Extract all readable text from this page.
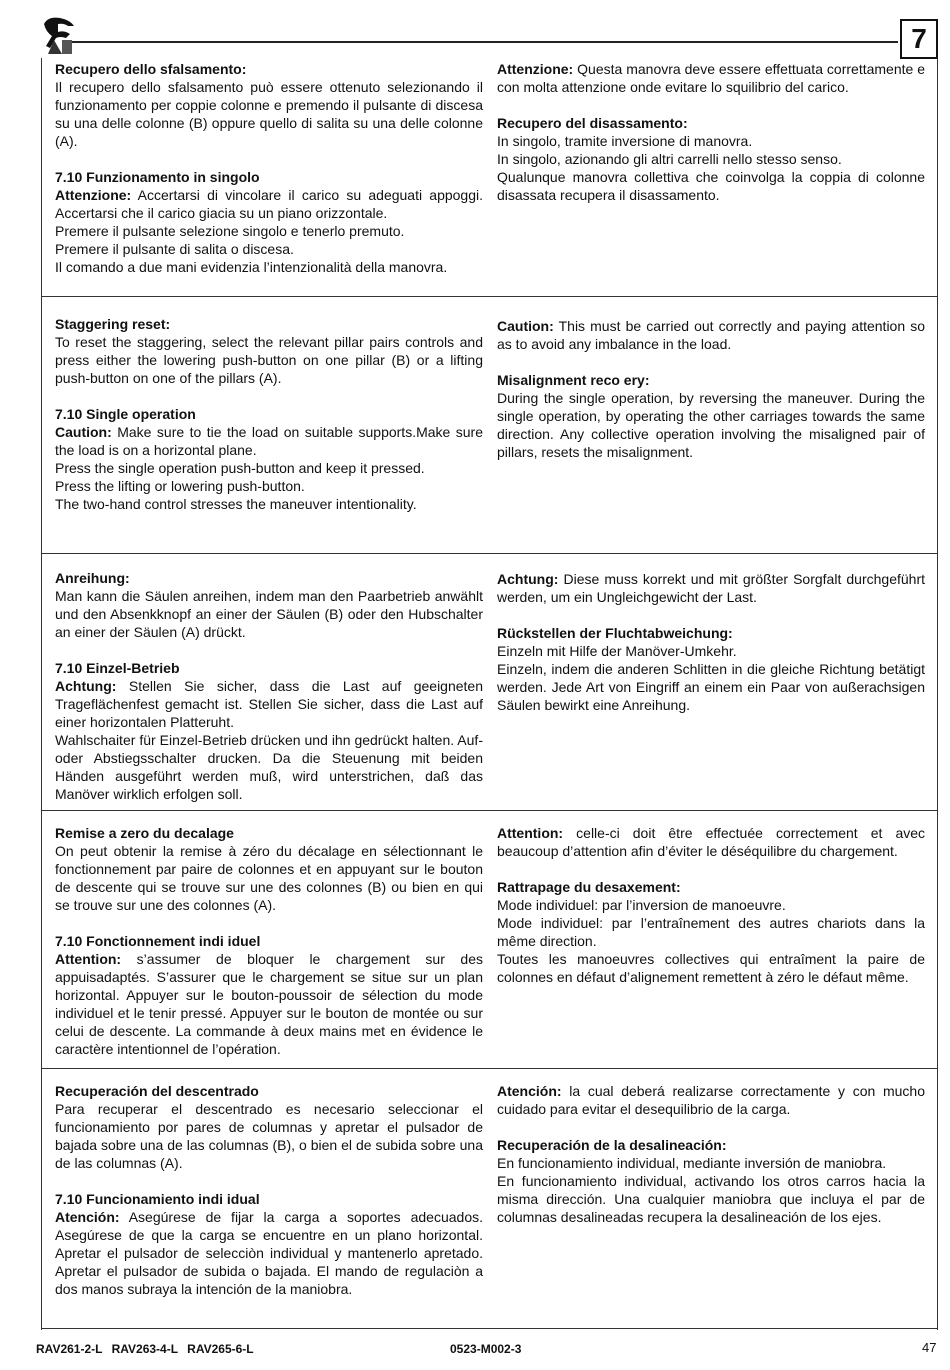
7

Recupero dello sfalsamento:

Il recupero dello sfalsamento può essere ottenuto selezionando il funzionamento per coppie colonne e premendo il pulsante di discesa su una delle colonne (B) oppure quello di salita su una delle colonne (A).

7.10 Funzionamento in singolo

Attenzione: Accertarsi di vincolare il carico su adeguati appoggi. Accertarsi che il carico giacia su un piano orizzontale.

Premere il pulsante selezione singolo e tenerlo premuto.

Premere il pulsante di salita o discesa.

Il comando a due mani evidenzia l’intenzionalità della manovra.

Attenzione: Questa manovra deve essere effettuata correttamente e con molta attenzione onde evitare lo squilibrio del carico.

Recupero del disassamento:

In singolo, tramite inversione di manovra.

In singolo, azionando gli altri carrelli nello stesso senso.

Qualunque manovra collettiva che coinvolga la coppia di colonne disassata recupera il disassamento.

Staggering reset:

To reset the staggering, select the relevant pillar pairs controls and press either the lowering push-button on one pillar (B) or a lifting push-button on one of the pillars (A).

7.10 Single operation

Caution: Make sure to tie the load on suitable supports.Make sure the load is on a horizontal plane.

Press the single operation push-button and keep it pressed.

Press the lifting or lowering push-button.

The two-hand control stresses the maneuver intentionality.

Caution: This must be carried out correctly and paying attention so as to avoid any imbalance in the load.

Misalignment reco ery:

During the single operation, by reversing the maneuver. During the single operation, by operating the other carriages towards the same direction. Any collective operation involving the misaligned pair of pillars, resets the misalignment.

Anreihung:

Man kann die Säulen anreihen, indem man den Paarbetrieb anwählt und den Absenkknopf an einer der Säulen (B) oder den Hubschalter an einer der Säulen (A) drückt.

7.10 Einzel-Betrieb

Achtung: Stellen Sie sicher, dass die Last auf geeigneten Trageflächenfest gemacht ist. Stellen Sie sicher, dass die Last auf einer horizontalen Platteruht.

Wahlschaiter für Einzel-Betrieb drücken und ihn gedrückt halten. Auf- oder Abstiegsschalter drucken. Da die Steuenung mit beiden Händen ausgeführt werden muß, wird unterstrichen, daß das Manöver wirklich erfolgen soll.

Achtung: Diese muss korrekt und mit größter Sorgfalt durchgeführt werden, um ein Ungleichgewicht der Last.

Rückstellen der Fluchtabweichung:

Einzeln mit Hilfe der Manöver-Umkehr.

Einzeln, indem die anderen Schlitten in die gleiche Richtung betätigt werden. Jede Art von Eingriff an einem ein Paar von außerachsigen Säulen bewirkt eine Anreihung.

Remise a zero du decalage

On peut obtenir la remise à zéro du décalage en sélectionnant le fonctionnement par paire de colonnes et en appuyant sur le bouton de descente qui se trouve sur une des colonnes (B) ou bien en qui se trouve sur une des colonnes (A).

7.10 Fonctionnement indi iduel

Attention: s’assumer de bloquer le chargement sur des appuisadaptés. S’assurer que le chargement se situe sur un plan horizontal. Appuyer sur le bouton-poussoir de sélection du mode individuel et le tenir pressé. Appuyer sur le bouton de montée ou sur celui de descente. La commande à deux mains met en évidence le caractère intentionnel de l’opération.

Attention: celle-ci doit être effectuée correctement et avec beaucoup d’attention afin d’éviter le déséquilibre du chargement.

Rattrapage du desaxement:

Mode individuel: par l’inversion de manoeuvre.

Mode individuel: par l’entraînement des autres chariots dans la même direction.

Toutes les manoeuvres collectives qui entraîment la paire de colonnes en défaut d’alignement remettent à zéro le défaut même.

Recuperación del descentrado

Para recuperar el descentrado es necesario seleccionar el funcionamiento por pares de columnas y apretar el pulsador de bajada sobre una de las columnas (B), o bien el de subida sobre una de las columnas (A).

7.10 Funcionamiento indi idual

Atención: Asegúrese de fijar la carga a soportes adecuados. Asegúrese de que la carga se encuentre en un plano horizontal. Apretar el pulsador de selecciòn individual y mantenerlo apretado. Apretar el pulsador de subida o bajada. El mando de regulaciòn a dos manos subraya la intención de la maniobra.

Atención: la cual deberá realizarse correctamente y con mucho cuidado para evitar el desequilibrio de la carga.

Recuperación de la desalineación:

En funcionamiento individual, mediante inversión de maniobra.

En funcionamiento individual, activando los otros carros hacia la misma dirección. Una cualquier maniobra que incluya el par de columnas desalineadas recupera la desalineación de los ejes.

RAV261-2-L RAV263-4-L RAV265-6-L	0523-M002-3	47
